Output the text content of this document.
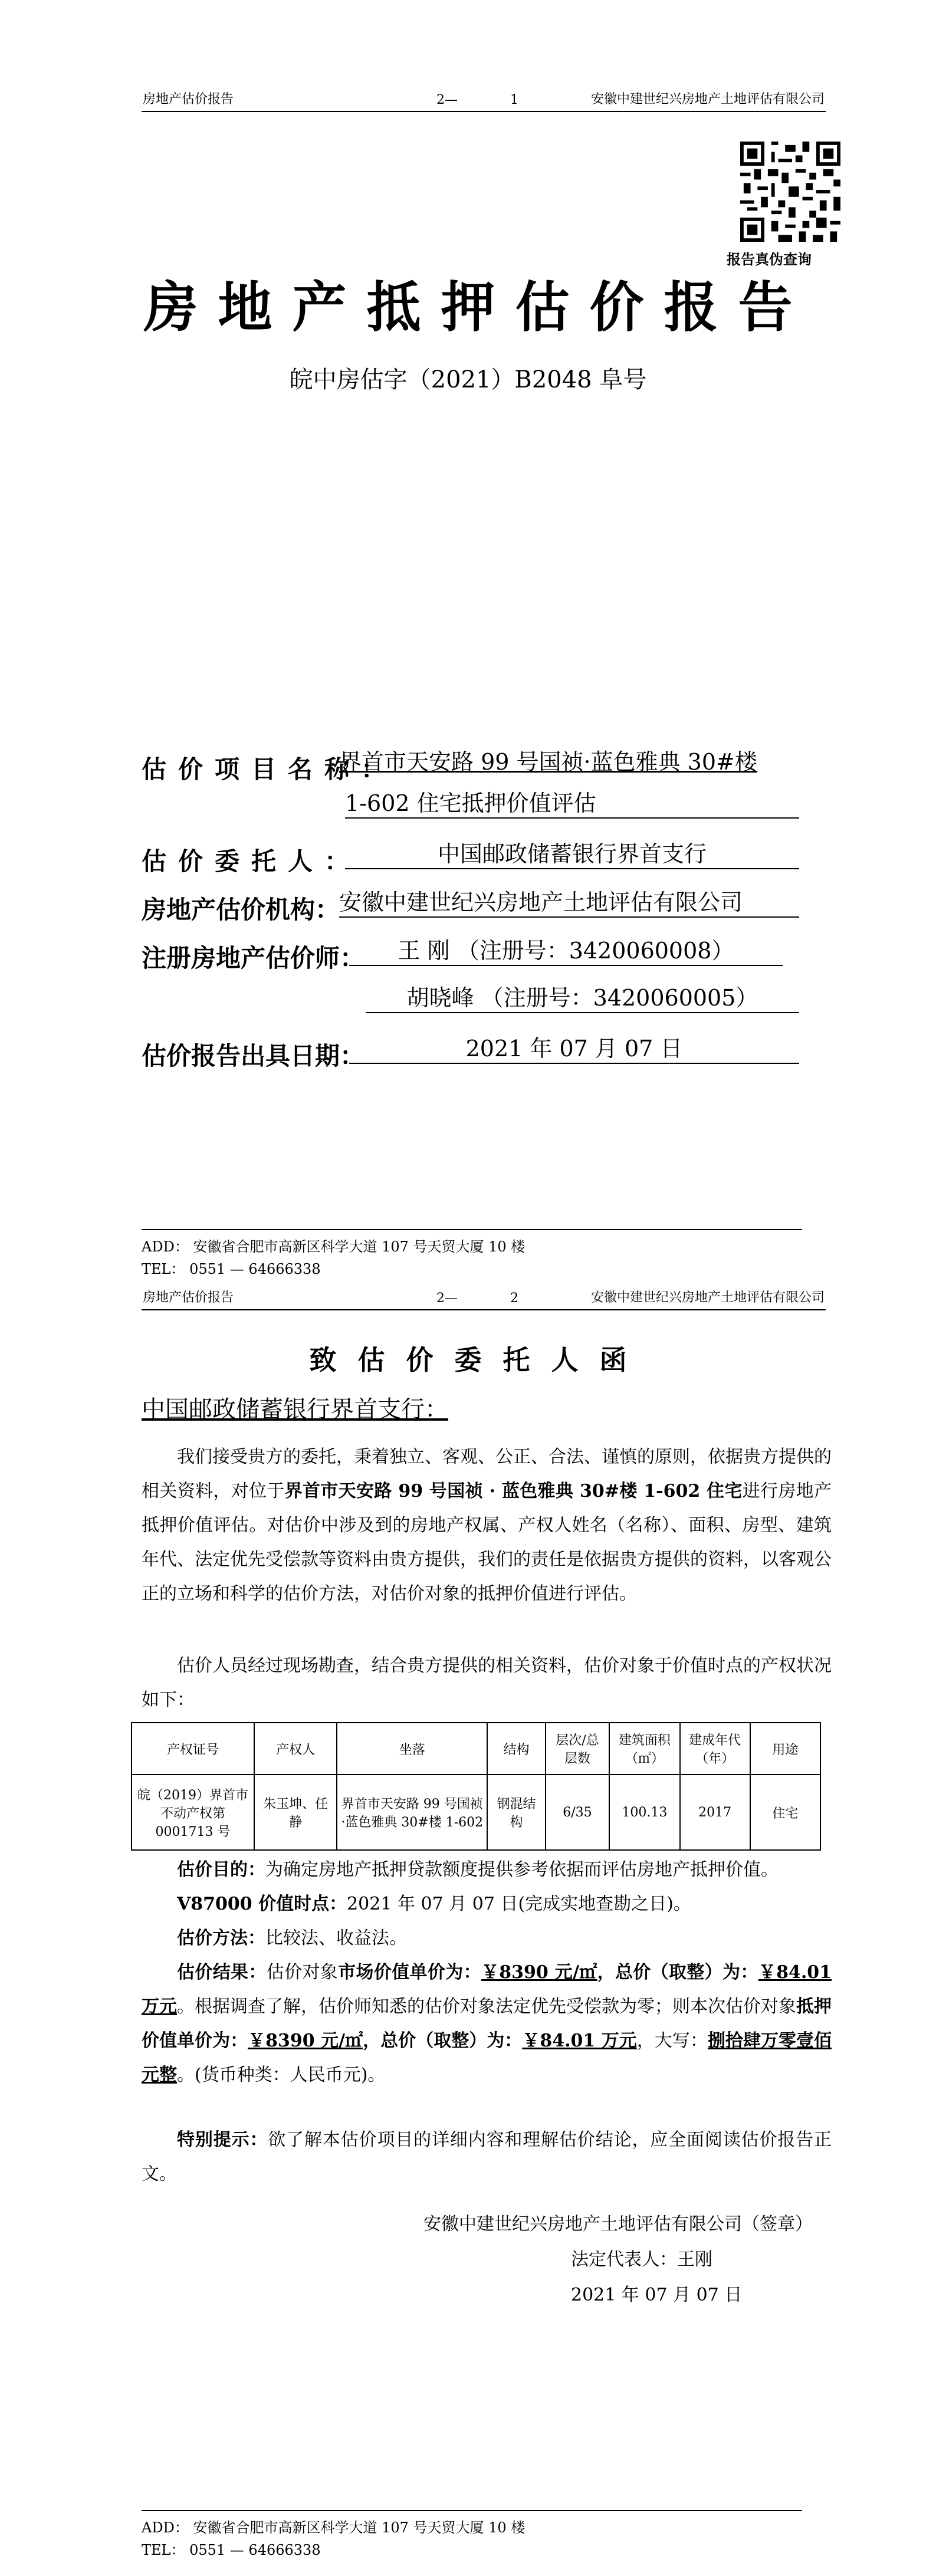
房地产估价报告	2—	1	安徽中建世纪兴房地产土地评估有限公司
报告真伪查询
房地产抵押估价报告
皖中房估字（2021）B2048 阜号
估价项目名称：
界首市天安路 99 号国祯·蓝色雅典 30#楼
1-602 住宅抵押价值评估
估价委托人：	中国邮政储蓄银行界首支行
房地产估价机构：
安徽中建世纪兴房地产土地评估有限公司
注册房地产估价师：	王 刚 （注册号：3420060008）
胡晓峰 （注册号：3420060005）
估价报告出具日期：	2021 年 07 月 07 日
ADD： 安徽省合肥市高新区科学大道 107 号天贸大厦 10 楼
TEL： 0551 — 64666338
房地产估价报告	2—	2	安徽中建世纪兴房地产土地评估有限公司
致估价委托人函
中国邮政储蓄银行界首支行：
我们接受贵方的委托，秉着独立、客观、公正、合法、谨慎的原则，依据贵方提供的相关资料，对位于界首市天安路 99 号国祯 · 蓝色雅典 30#楼 1-602 住宅进行房地产抵押价值评估。对估价中涉及到的房地产权属、产权人姓名（名称）、面积、房型、建筑年代、法定优先受偿款等资料由贵方提供，我们的责任是依据贵方提供的资料，以客观公正的立场和科学的估价方法，对估价对象的抵押价值进行评估。
估价人员经过现场勘查，结合贵方提供的相关资料，估价对象于价值时点的产权状况如下：
产权证号	产权人	坐落	结构	层次/总层数	建筑面积（㎡）	建成年代（年）	用途
皖（2019）界首市不动产权第 0001713 号	朱玉坤、任静	界首市天安路 99 号国祯·蓝色雅典 30#楼 1-602	钢混结构	6/35	100.13	2017	住宅
估价目的：为确定房地产抵押贷款额度提供参考依据而评估房地产抵押价值。
V87000 价值时点：2021 年 07 月 07 日(完成实地查勘之日)。
估价方法：比较法、收益法。
估价结果：估价对象市场价值单价为：￥8390 元/㎡，总价（取整）为：￥84.01 万元。根据调查了解，估价师知悉的估价对象法定优先受偿款为零；则本次估价对象抵押价值单价为：￥8390 元/㎡，总价（取整）为：￥84.01 万元，大写：捌拾肆万零壹佰元整。(货币种类：人民币元)。
特别提示：欲了解本估价项目的详细内容和理解估价结论，应全面阅读估价报告正文。
安徽中建世纪兴房地产土地评估有限公司（签章）
法定代表人：王刚
2021 年 07 月 07 日
ADD： 安徽省合肥市高新区科学大道 107 号天贸大厦 10 楼
TEL： 0551 — 64666338
